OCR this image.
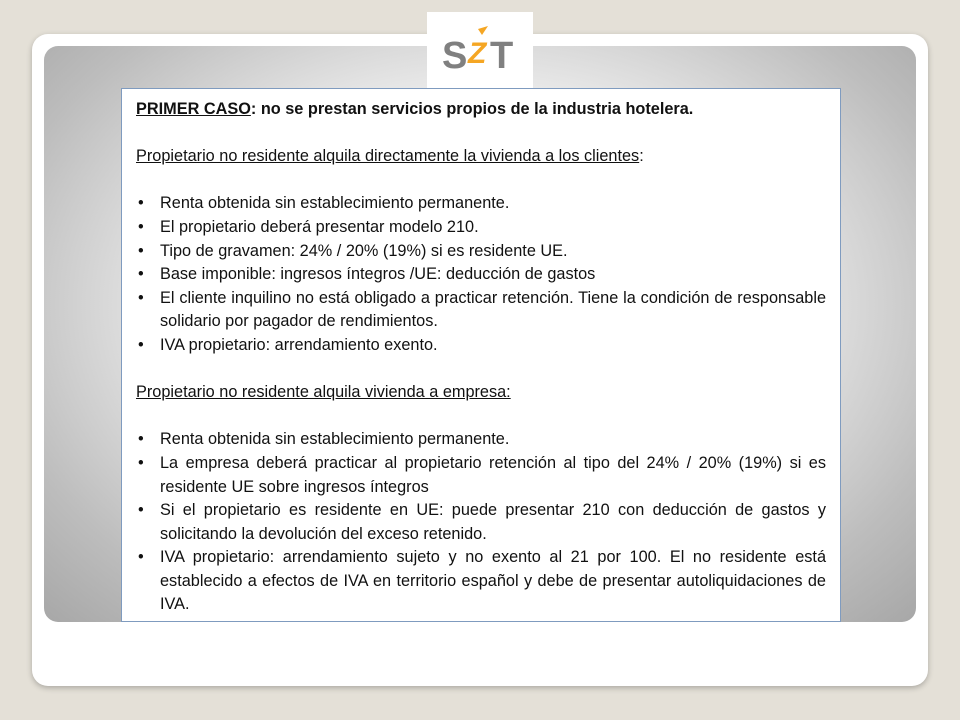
S Z T

PRIMER CASO: no se prestan servicios propios de la industria hotelera.

Propietario no residente alquila directamente la vivienda a los clientes:

• Renta obtenida sin establecimiento permanente.
• El propietario deberá presentar modelo 210.
• Tipo de gravamen: 24% / 20% (19%) si es residente UE.
• Base imponible: ingresos íntegros /UE: deducción de gastos
• El cliente inquilino no está obligado a practicar retención. Tiene la condición de responsable solidario por pagador de rendimientos.
• IVA propietario: arrendamiento exento.

Propietario no residente alquila vivienda a empresa:

• Renta obtenida sin establecimiento permanente.
• La empresa deberá practicar al propietario retención al tipo del 24% / 20% (19%) si es residente UE sobre ingresos íntegros
• Si el propietario es residente en UE: puede presentar 210 con deducción de gastos y solicitando la devolución del exceso retenido.
• IVA propietario: arrendamiento sujeto y no exento al 21 por 100. El no residente está establecido a efectos de IVA en territorio español y debe de presentar autoliquidaciones de IVA.
